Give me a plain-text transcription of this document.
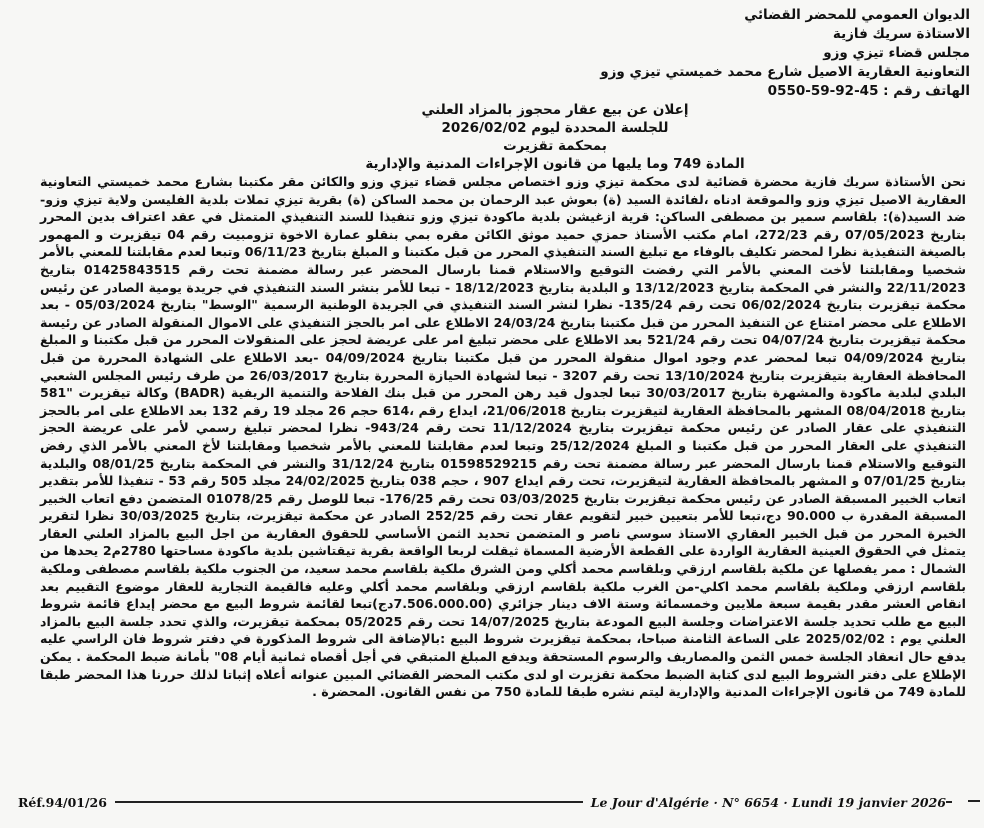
الديوان العمومي للمحضر القضائي
الاستاذة سريك فازية
مجلس قضاء تيزي وزو
التعاونية العقارية الاصيل شارع محمد خميستي تيزي وزو
الهاتف رقم : 45-92-59-0550
إعلان عن بيع عقار محجوز بالمزاد العلني
للجلسة المحددة ليوم 2026/02/02
بمحكمة تقزيرت
المادة 749 وما يليها من قانون الإجراءات المدنية والإدارية

نحن الأستاذة سريك فازية محضرة قضائية لدى محكمة تيزي وزو اختصاص مجلس قضاء تيزي وزو والكائن مقر مكتبنا بشارع محمد خميستي التعاونية العقارية الاصيل تيزي وزو والموقعة ادناه ،لفائدة السيد (ة) بعوش عبد الرحمان بن محمد الساكن (ة) بقرية تيزي تملات بلدية الفليسن ولاية تيزي وزو- ضد السيد(ة): بلقاسم سمير بن مصطفى الساكن: قرية ازغيشن بلدية ماكودة تيزي وزو تنفيذا للسند التنفيذي المتمثل في عقد اعتراف بدين المحرر بتاريخ 07/05/2023 رقم 272/23، امام مكتب الأستاذ حمزي حميد موثق الكائن مقره بمي بنقلو عمارة الاخوة تزومبيت رقم 04 تيقزيرت و المهمور بالصيغة التنفيذية نظرا لمحضر تكليف بالوفاء مع تبليغ السند التنفيذي المحرر من قبل مكتبنا و المبلغ بتاريخ 06/11/23 وتبعا لعدم مقابلتنا للمعني بالأمر شخصيا ومقابلتنا لأخت المعني بالأمر التي رفضت التوقيع والاستلام قمنا بارسال المحضر عبر رسالة مضمنة تحت رقم 01425843515 بتاريخ 22/11/2023 والنشر في المحكمة بتاريخ 13/12/2023 و البلدية بتاريخ 18/12/2023 - تبعا للأمر بنشر السند التنفيذي في جريدة يومية الصادر عن رئيس محكمة تيقزيرت بتاريخ 06/02/2024 تحت رقم 135/24- نظرا لنشر السند التنفيذي في الجريدة الوطنية الرسمية "الوسط" بتاريخ 05/03/2024 - بعد الاطلاع على محضر امتناع عن التنفيذ المحرر من قبل مكتبنا بتاريخ 24/03/24 الاطلاع على امر بالحجز التنفيذي على الاموال المنقولة الصادر عن رئيسة محكمة تيقزيرت بتاريخ 04/07/24 تحت رقم 521/24 بعد الاطلاع على محضر تبليغ امر على عريضة لحجز على المنقولات المحرر من قبل مكتبنا و المبلغ بتاريخ 04/09/2024 تبعا لمحضر عدم وجود اموال منقولة المحرر من قبل مكتبنا بتاريخ 04/09/2024 -بعد الاطلاع على الشهادة المحررة من قبل المحافظة العقارية بتيقزيرت بتاريخ 13/10/2024 تحت رقم 3207 - تبعا لشهادة الحيازة المحررة بتاريخ 26/03/2017 من طرف رئيس المجلس الشعبي البلدي لبلدية ماكودة والمشهرة بتاريخ 30/03/2017 تبعا لجدول قيد رهن المحرر من قبل بنك الفلاحة والتنمية الريفية (BADR) وكالة تيقزيرت "581 بتاريخ 08/04/2018 المشهر بالمحافظة العقارية لتيقزيرت بتاريخ 21/06/2018، ايداع رقم ،614 حجم 26 مجلد 19 رقم 132 بعد الاطلاع على امر بالحجز التنفيذي على عقار الصادر عن رئيس محكمة تيقزيرت بتاريخ 11/12/2024 تحت رقم 943/24- نظرا لمحضر تبليغ رسمي لأمر على عريضة الحجز التنفيذي على العقار المحرر من قبل مكتبنا و المبلغ 25/12/2024 وتبعا لعدم مقابلتنا للمعني بالأمر شخصيا ومقابلتنا لأخ المعني بالأمر الذي رفض التوقيع والاستلام قمنا بارسال المحضر عبر رسالة مضمنة تحت رقم 01598529215 بتاريخ 31/12/24 والنشر في المحكمة بتاريخ 08/01/25 والبلدية بتاريخ 07/01/25 و المشهر بالمحافظة العقارية لتيقزيرت، تحت رقم ايداع 907 ، حجم 038 بتاريخ 24/02/2025 مجلد 505 رقم 53 - تنفيذا للأمر بتقدير اتعاب الخبير المسبقة الصادر عن رئيس محكمة تيقزيرت بتاريخ 03/03/2025 تحت رقم 176/25- تبعا للوصل رقم 01078/25 المتضمن دفع اتعاب الخبير المسبقة المقدرة ب 90.000 دج،تبعا للأمر بتعيين خبير لتقويم عقار تحت رقم 252/25 الصادر عن محكمة تيقزيرت، بتاريخ 30/03/2025 نظرا لتقرير الخبرة المحرر من قبل الخبير العقاري الاستاذ سوسي ناصر و المتضمن تحديد الثمن الأساسي للحقوق العقارية من اجل البيع بالمزاد العلني العقار يتمثل في الحقوق العينية العقارية الواردة على القطعة الأرضية المسماة ثيقلت لربعا الواقعة بقرية تيقتاشين بلدية ماكودة مساحتها 2780م2 يحدها من الشمال : ممر يفصلها عن ملكية بلقاسم ارزقي وبلقاسم محمد أكلي ومن الشرق ملكية بلقاسم محمد سعيد، من الجنوب ملكية بلقاسم مصطفى وملكية بلقاسم ارزقي وملكية بلقاسم محمد اكلي-من الغرب ملكية بلقاسم ارزقي وبلقاسم محمد أكلي وعليه فالقيمة التجارية للعقار موضوع التقييم بعد انقاص العشر مقدر بقيمة سبعة ملايين وخمسمائة وستة الاف دينار جزائري (7.506.000.00دج)تبعا لقائمة شروط البيع مع محضر إيداع قائمة شروط البيع مع طلب تحديد جلسة الاعتراضات وجلسة البيع المودعة بتاريخ 14/07/2025 تحت رقم 05/2025 بمحكمة تيقزيرت، والذي تحدد جلسة البيع بالمزاد العلني يوم : 2025/02/02 على الساعة الثامنة صباحا، بمحكمة تيقزيرت شروط البيع :بالإضافة الى شروط المذكورة في دفتر شروط فان الراسي عليه يدفع حال انعقاد الجلسة خمس الثمن والمصاريف والرسوم المستحقة ويدفع المبلغ المتبقي في أجل أقصاه ثمانية أيام 08" بأمانة ضبط المحكمة . يمكن الإطلاع على دفتر الشروط البيع لدى كتابة الضبط محكمة تقزيرت او لدى مكتب المحضر القضائي المبين عنوانه أعلاه إثباتا لذلك حررنا هذا المحضر طبقا للمادة 749 من قانون الإجراءات المدنية والإدارية ليتم نشره طبقا للمادة 750 من نفس القانون. المحضرة .

Réf.94/01/26	Le Jour d'Algérie · N° 6654 · Lundi 19 janvier 2026
